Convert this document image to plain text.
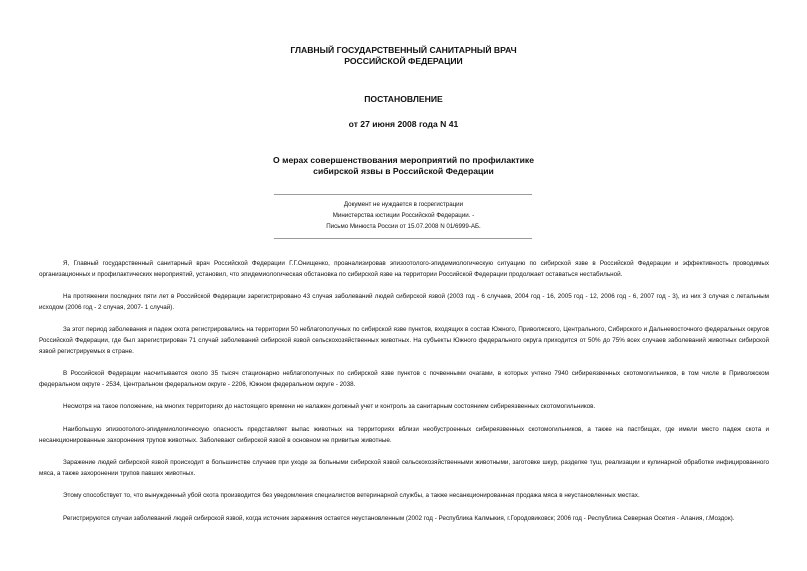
ГЛАВНЫЙ ГОСУДАРСТВЕННЫЙ САНИТАРНЫЙ ВРАЧ
РОССИЙСКОЙ ФЕДЕРАЦИИ
ПОСТАНОВЛЕНИЕ
от 27 июня 2008 года N 41
О мерах совершенствования мероприятий по профилактике
сибирской язвы в Российской Федерации
Документ не нуждается в госрегистрации
Министерства юстиции Российской Федерации. -
Письмо Минюста России от 15.07.2008 N 01/6999-АБ.

Я, Главный государственный санитарный врач Российской Федерации Г.Г.Онищенко, проанализировав эпизоотолого-эпидемиологическую ситуацию по сибирской язве в Российской Федерации и эффективность проводимых организационных и профилактических мероприятий, установил, что эпидемиологическая обстановка по сибирской язве на территории Российской Федерации продолжает оставаться нестабильной.

На протяжении последних пяти лет в Российской Федерации зарегистрировано 43 случая заболеваний людей сибирской язвой (2003 год - 6 случаев, 2004 год - 16, 2005 год - 12, 2006 год - 6, 2007 год - 3), из них 3 случая с летальным исходом (2006 год - 2 случая, 2007- 1 случай).

За этот период заболевания и падеж скота регистрировались на территории 50 неблагополучных по сибирской язве пунктов, входящих в состав Южного, Приволжского, Центрального, Сибирского и Дальневосточного федеральных округов Российской Федерации, где был зарегистрирован 71 случай заболеваний сибирской язвой сельскохозяйственных животных. На субъекты Южного федерального округа приходится от 50% до 75% всех случаев заболеваний животных сибирской язвой регистрируемых в стране.

В Российской Федерации насчитывается около 35 тысяч стационарно неблагополучных по сибирской язве пунктов с почвенными очагами, в которых учтено 7940 сибиреязвенных скотомогильников, в том числе в Приволжском федеральном округе - 2534, Центральном федеральном округе - 2206, Южном федеральном округе - 2038.

Несмотря на такое положение, на многих территориях до настоящего времени не налажен должный учет и контроль за санитарным состоянием сибиреязвенных скотомогильников.

Наибольшую эпизоотолого-эпидемиологическую опасность представляет выпас животных на территориях вблизи необустроенных сибиреязвенных скотомогильников, а также на пастбищах, где имели место падеж скота и несанкционированные захоронения трупов животных. Заболевают сибирской язвой в основном не привитые животные.

Заражение людей сибирской язвой происходит в большинстве случаев при уходе за больными сибирской язвой сельскохозяйственными животными, заготовке шкур, разделке туш, реализации и кулинарной обработке инфицированного мяса, а также захоронении трупов павших животных.

Этому способствует то, что вынужденный убой скота производится без уведомления специалистов ветеринарной службы, а также несанкционированная продажа мяса в неустановленных местах.

Регистрируются случаи заболеваний людей сибирской язвой, когда источник заражения остается неустановленным (2002 год - Республика Калмыкия, г.Городовиковск; 2006 год - Республика Северная Осетия - Алания, г.Моздок).
